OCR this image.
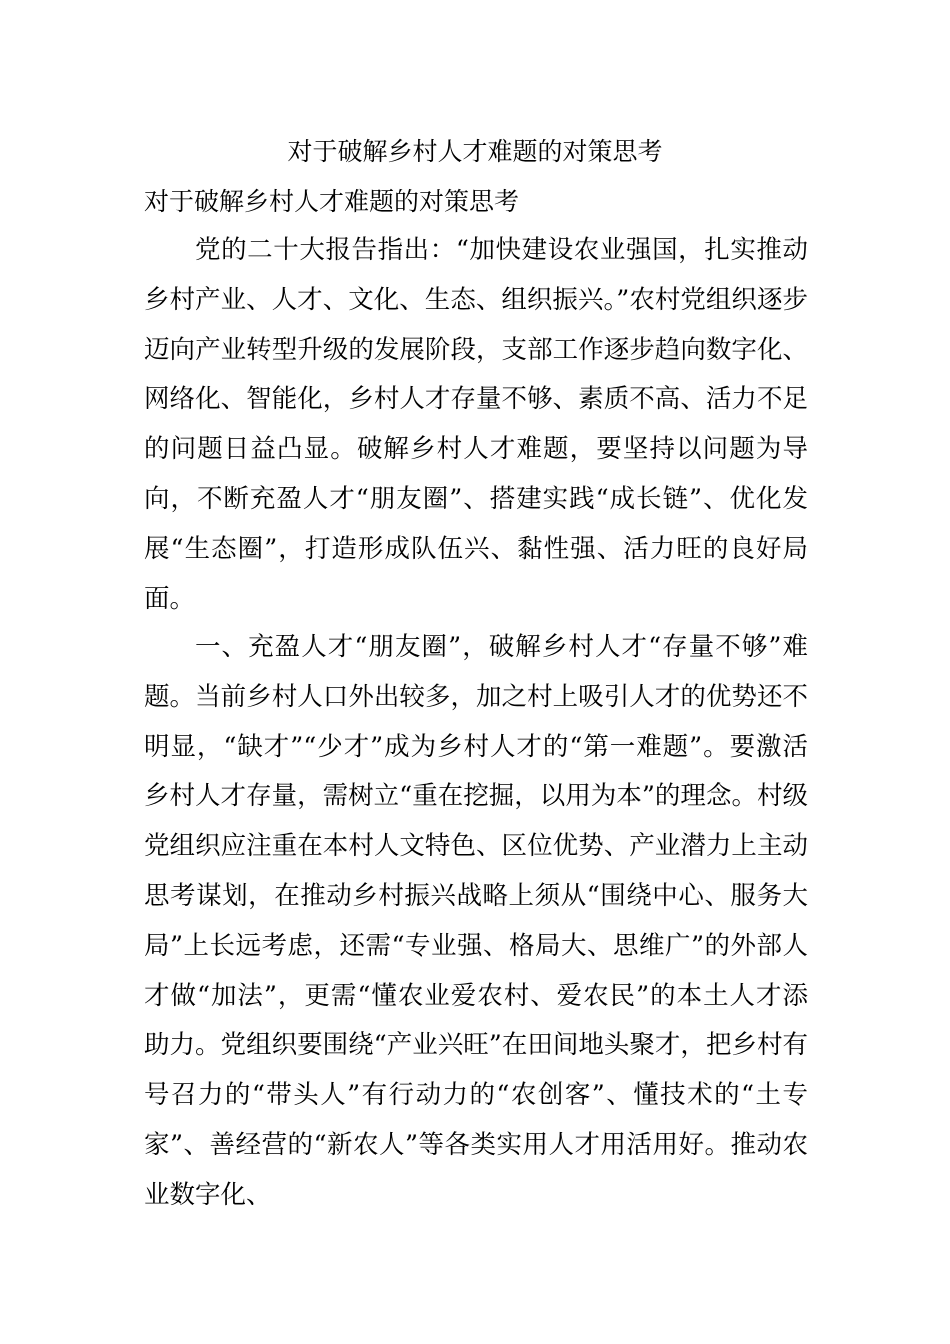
对于破解乡村人才难题的对策思考
对于破解乡村人才难题的对策思考

党的二十大报告指出：“加快建设农业强国，扎实推动乡村产业、人才、文化、生态、组织振兴。”农村党组织逐步迈向产业转型升级的发展阶段，支部工作逐步趋向数字化、网络化、智能化，乡村人才存量不够、素质不高、活力不足的问题日益凸显。破解乡村人才难题，要坚持以问题为导向，不断充盈人才“朋友圈”、搭建实践“成长链”、优化发展“生态圈”，打造形成队伍兴、黏性强、活力旺的良好局面。

一、充盈人才“朋友圈”，破解乡村人才“存量不够”难题。当前乡村人口外出较多，加之村上吸引人才的优势还不明显，“缺才”“少才”成为乡村人才的“第一难题”。要激活乡村人才存量，需树立“重在挖掘，以用为本”的理念。村级党组织应注重在本村人文特色、区位优势、产业潜力上主动思考谋划，在推动乡村振兴战略上须从“围绕中心、服务大局”上长远考虑，还需“专业强、格局大、思维广”的外部人才做“加法”，更需“懂农业爱农村、爱农民”的本土人才添助力。党组织要围绕“产业兴旺”在田间地头聚才，把乡村有号召力的“带头人”有行动力的“农创客”、懂技术的“土专家”、善经营的“新农人”等各类实用人才用活用好。推动农业数字化、
